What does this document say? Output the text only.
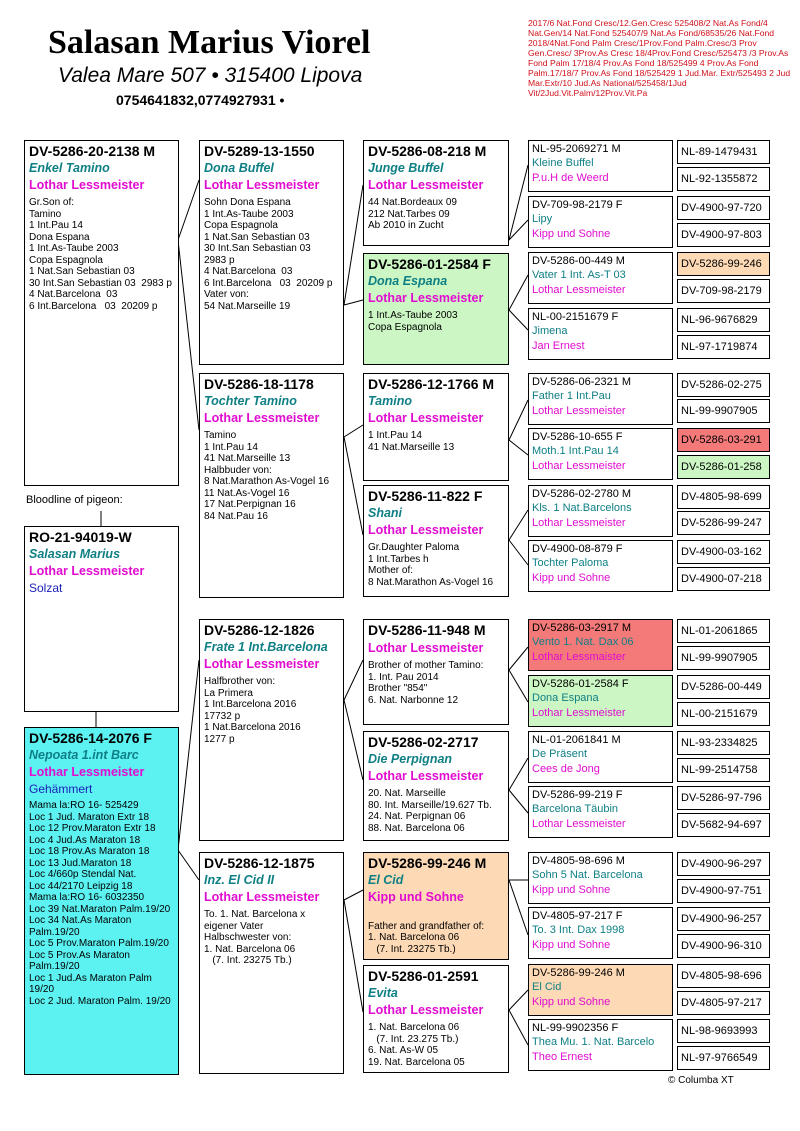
Salasan Marius Viorel
Valea Mare 507 • 315400 Lipova
0754641832,0774927931 •
2017/6 Nat.Fond Cresc/12.Gen.Cresc 525408/2 Nat.As Fond/4 Nat.Gen/14 Nat.Fond 525407/9 Nat.As Fond/68535/26 Nat.Fond 2018/4Nat.Fond Palm Cresc/1Prov.Fond Palm.Cresc/3 Prov Gen.Cresc/ 3Prov.As Cresc 18/4Prov.Fond Cresc/525473 /3 Prov.As Fond Palm 17/18/4 Prov.As Fond 18/525499 4 Prov.As Fond Palm.17/18/7 Prov.As Fond 18/525429 1 Jud.Mar. Extr/525493 2 Jud Mar.Extr/10 Jud.As National/525458/1Jud Vit/2Jud.Vit.Palm/12Prov.Vit.Pa
DV-5286-20-2138 M
Enkel Tamino
Lothar Lessmeister
Gr.Son of:
Tamino
1 Int.Pau 14
Dona Espana
1 Int.As-Taube 2003
Copa Espagnola
1 Nat.San Sebastian 03
30 Int.San Sebastian 03  2983 p
4 Nat.Barcelona  03
6 Int.Barcelona   03  20209 p
Bloodline of pigeon:
RO-21-94019-W
Salasan Marius
Lothar Lessmeister
Solzat
DV-5286-14-2076 F
Nepoata 1.int Barc
Lothar Lessmeister
Gehämmert
Mama la:RO 16- 525429
Loc 1 Jud. Maraton Extr 18
Loc 12 Prov.Maraton Extr 18
Loc 4 Jud.As Maraton 18
Loc 18 Prov.As Maraton 18
Loc 13 Jud.Maraton 18
Loc 4/660p Stendal Nat.
Loc 44/2170 Leipzig 18
Mama la:RO 16- 6032350
Loc 39 Nat.Maraton Palm.19/20
Loc 34 Nat.As Maraton Palm.19/20
Loc 5 Prov.Maraton Palm.19/20
Loc 5 Prov.As Maraton Palm.19/20
Loc 1 Jud.As Maraton Palm 19/20
Loc 2 Jud. Maraton Palm. 19/20
DV-5289-13-1550
Dona Buffel
Lothar Lessmeister
Sohn Dona Espana
1 Int.As-Taube 2003
Copa Espagnola
1 Nat.San Sebastian 03
30 Int.San Sebastian 03
2983 p
4 Nat.Barcelona  03
6 Int.Barcelona   03  20209 p
Vater von:
54 Nat.Marseille 19
DV-5286-18-1178
Tochter Tamino
Lothar Lessmeister
Tamino
1 Int.Pau 14
41 Nat.Marseille 13
Halbbuder von:
8 Nat.Marathon As-Vogel 16
11 Nat.As-Vogel 16
17 Nat.Perpignan 16
84 Nat.Pau 16
DV-5286-12-1826
Frate 1 Int.Barcelona
Lothar Lessmeister
Halfbrother von:
La Primera
1 Int.Barcelona 2016
17732 p
1 Nat.Barcelona 2016
1277 p
DV-5286-12-1875
Inz. El Cid II
Lothar Lessmeister
To. 1. Nat. Barcelona x
eigener Vater
Halbschwester von:
1. Nat. Barcelona 06
(7. Int. 23275 Tb.)
DV-5286-08-218 M
Junge Buffel
Lothar Lessmeister
44 Nat.Bordeaux 09
212 Nat.Tarbes 09
Ab 2010 in Zucht
DV-5286-01-2584 F
Dona Espana
Lothar Lessmeister
1 Int.As-Taube 2003
Copa Espagnola
DV-5286-12-1766 M
Tamino
Lothar Lessmeister
1 Int.Pau 14
41 Nat.Marseille 13
DV-5286-11-822 F
Shani
Lothar Lessmeister
Gr.Daughter Paloma
1 Int.Tarbes h
Mother of:
8 Nat.Marathon As-Vogel 16
DV-5286-11-948 M
Lothar Lessmeister
Brother of mother Tamino:
1. Int. Pau 2014
Brother "854"
6. Nat. Narbonne 12
DV-5286-02-2717
Die Perpignan
Lothar Lessmeister
20. Nat. Marseille
80. Int. Marseille/19.627 Tb.
24. Nat. Perpignan 06
88. Nat. Barcelona 06
DV-5286-99-246 M
El Cid
Kipp und Sohne

Father and grandfather of:
1. Nat. Barcelona 06
(7. Int. 23275 Tb.)
DV-5286-01-2591
Evita
Lothar Lessmeister
1. Nat. Barcelona 06
(7. Int. 23.275 Tb.)
6. Nat. As-W 05
19. Nat. Barcelona 05
NL-95-2069271 M
Kleine Buffel
P.u.H de Weerd
DV-709-98-2179 F
Lipy
Kipp und Sohne
DV-5286-00-449 M
Vater 1 Int. As-T 03
Lothar Lessmeister
NL-00-2151679 F
Jimena
Jan Ernest
DV-5286-06-2321 M
Father 1 Int.Pau
Lothar Lessmeister
DV-5286-10-655 F
Moth.1 Int.Pau 14
Lothar Lessmeister
DV-5286-02-2780 M
Kls. 1 Nat.Barcelons
Lothar Lessmeister
DV-4900-08-879 F
Tochter Paloma
Kipp und Sohne
DV-5286-03-2917 M
Vento 1. Nat. Dax 06
Lothar Lessmaister
DV-5286-01-2584 F
Dona Espana
Lothar Lessmeister
NL-01-2061841 M
De Präsent
Cees de Jong
DV-5286-99-219 F
Barcelona Täubin
Lothar Lessmeister
DV-4805-98-696 M
Sohn 5 Nat. Barcelona
Kipp und Sohne
DV-4805-97-217 F
To. 3 Int. Dax 1998
Kipp und Sohne
DV-5286-99-246 M
El Cid
Kipp und Sohne
NL-99-9902356 F
Thea Mu. 1. Nat. Barcelo
Theo Ernest
NL-89-1479431
NL-92-1355872
DV-4900-97-720
DV-4900-97-803
DV-5286-99-246
DV-709-98-2179
NL-96-9676829
NL-97-1719874
DV-5286-02-275
NL-99-9907905
DV-5286-03-291
DV-5286-01-258
DV-4805-98-699
DV-5286-99-247
DV-4900-03-162
DV-4900-07-218
NL-01-2061865
NL-99-9907905
DV-5286-00-449
NL-00-2151679
NL-93-2334825
NL-99-2514758
DV-5286-97-796
DV-5682-94-697
DV-4900-96-297
DV-4900-97-751
DV-4900-96-257
DV-4900-96-310
DV-4805-98-696
DV-4805-97-217
NL-98-9693993
NL-97-9766549
© Columba XT
